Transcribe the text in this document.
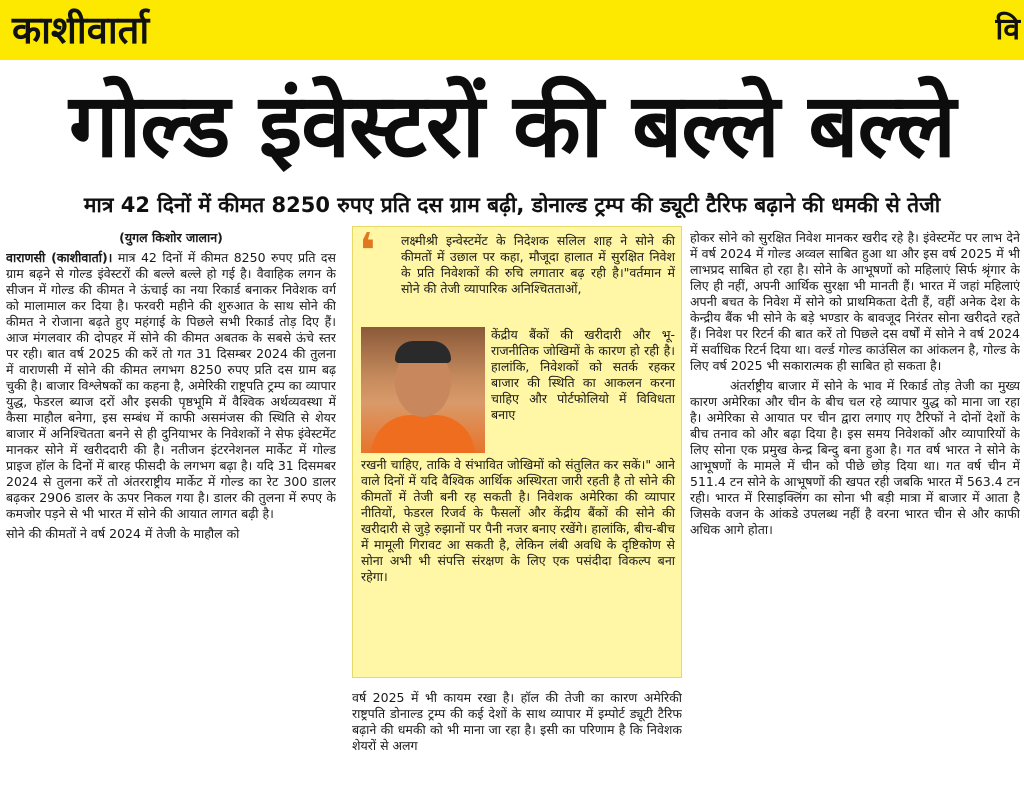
काशीवार्ता	वि
गोल्ड इंवेस्टरों की बल्ले बल्ले
मात्र 42 दिनों में कीमत 8250 रुपए प्रति दस ग्राम बढ़ी, डोनाल्ड ट्रम्प की ड्यूटी टैरिफ बढ़ाने की धमकी से तेजी

(युगल किशोर जालान)

वाराणसी (काशीवार्ता)। मात्र 42 दिनों में कीमत 8250 रुपए प्रति दस ग्राम बढ़ने से गोल्ड इंवेस्टरों की बल्ले बल्ले हो गई है। वैवाहिक लगन के सीजन में गोल्ड की कीमत ने ऊंचाई का नया रिकार्ड बनाकर निवेशक वर्ग को मालामाल कर दिया है। फरवरी महीने की शुरुआत के साथ सोने की कीमत ने रोजाना बढ़ते हुए महंगाई के पिछले सभी रिकार्ड तोड़ दिए हैं। आज मंगलवार की दोपहर में सोने की कीमत अबतक के सबसे ऊंचे स्तर पर रही। बात वर्ष 2025 की करें तो गत 31 दिसम्बर 2024 की तुलना में वाराणसी में सोने की कीमत लगभग 8250 रुपए प्रति दस ग्राम बढ़ चुकी है। बाजार विश्लेषकों का कहना है, अमेरिकी राष्ट्रपति ट्रम्प का व्यापार युद्ध, फेडरल ब्याज दरों और इसकी पृष्ठभूमि में वैश्विक अर्थव्यवस्था में कैसा माहौल बनेगा, इस सम्बंध में काफी असमंजस की स्थिति से शेयर बाजार में अनिश्चितता बनने से ही दुनियाभर के निवेशकों ने सेफ इंवेस्टमेंट मानकर सोने में खरीददारी की है। नतीजन इंटरनेशनल मार्केट में गोल्ड प्राइज हॉल के दिनों में बारह फीसदी के लगभग बढ़ा है। यदि 31 दिसमबर 2024 से तुलना करें तो अंतरराष्ट्रीय मार्केट में गोल्ड का रेट 300 डालर बढ़कर 2906 डालर के ऊपर निकल गया है। डालर की तुलना में रुपए के कमजोर पड़ने से भी भारत में सोने की आयात लागत बढ़ी है।

सोने की कीमतों ने वर्ष 2024 में तेजी के माहौल को

❛ लक्ष्मीश्री इन्वेस्टमेंट के निदेशक सलिल शाह ने सोने की कीमतों में उछाल पर कहा, मौजूदा हालात में सुरक्षित निवेश के प्रति निवेशकों की रुचि लगातार बढ़ रही है।"वर्तमान में सोने की तेजी व्यापारिक अनिश्चितताओं,
केंद्रीय बैंकों की खरीदारी और भू-राजनीतिक जोखिमों के कारण हो रही है। हालांकि, निवेशकों को सतर्क रहकर बाजार की स्थिति का आकलन करना चाहिए और पोर्टफोलियो में विविधता बनाए
रखनी चाहिए, ताकि वे संभावित जोखिमों को संतुलित कर सकें।" आने वाले दिनों में यदि वैश्विक आर्थिक अस्थिरता जारी रहती है तो सोने की कीमतों में तेजी बनी रह सकती है। निवेशक अमेरिका की व्यापार नीतियों, फेडरल रिजर्व के फैसलों और केंद्रीय बैंकों की सोने की खरीदारी से जुड़े रुझानों पर पैनी नजर बनाए रखेंगे। हालांकि, बीच-बीच में मामूली गिरावट आ सकती है, लेकिन लंबी अवधि के दृष्टिकोण से सोना अभी भी संपत्ति संरक्षण के लिए एक पसंदीदा विकल्प बना रहेगा।

वर्ष 2025 में भी कायम रखा है। हॉल की तेजी का कारण अमेरिकी राष्ट्रपति डोनाल्ड ट्रम्प की कई देशों के साथ व्यापार में इम्पोर्ट ड्यूटी टैरिफ बढ़ाने की धमकी को भी माना जा रहा है। इसी का परिणाम है कि निवेशक शेयरों से अलग

होकर सोने को सुरक्षित निवेश मानकर खरीद रहे है। इंवेस्टमेंट पर लाभ देने में वर्ष 2024 में गोल्ड अव्वल साबित हुआ था और इस वर्ष 2025 में भी लाभप्रद साबित हो रहा है। सोने के आभूषणों को महिलाएं सिर्फ श्रृंगार के लिए ही नहीं, अपनी आर्थिक सुरक्षा भी मानती हैं। भारत में जहां महिलाएं अपनी बचत के निवेश में सोने को प्राथमिकता देती हैं, वहीं अनेक देश के केन्द्रीय बैंक भी सोने के बड़े भण्डार के बावजूद निरंतर सोना खरीदते रहते हैं। निवेश पर रिटर्न की बात करें तो पिछले दस वर्षों में सोने ने वर्ष 2024 में सर्वाधिक रिटर्न दिया था। वर्ल्ड गोल्ड काउंसिल का आंकलन है, गोल्ड के लिए वर्ष 2025 भी सकारात्मक ही साबित हो सकता है।

अंतर्राष्ट्रीय बाजार में सोने के भाव में रिकार्ड तोड़ तेजी का मुख्य कारण अमेरिका और चीन के बीच चल रहे व्यापार युद्ध को माना जा रहा है। अमेरिका से आयात पर चीन द्वारा लगाए गए टैरिफों ने दोनों देशों के बीच तनाव को और बढ़ा दिया है। इस समय निवेशकों और व्यापारियों के लिए सोना एक प्रमुख केन्द्र बिन्दु बना हुआ है। गत वर्ष भारत ने सोने के आभूषणों के मामले में चीन को पीछे छोड़ दिया था। गत वर्ष चीन में 511.4 टन सोने के आभूषणों की खपत रही जबकि भारत में 563.4 टन रही। भारत में रिसाइक्लिंग का सोना भी बड़ी मात्रा में बाजार में आता है जिसके वजन के आंकडे उपलब्ध नहीं है वरना भारत चीन से और काफी अधिक आगे होता।
